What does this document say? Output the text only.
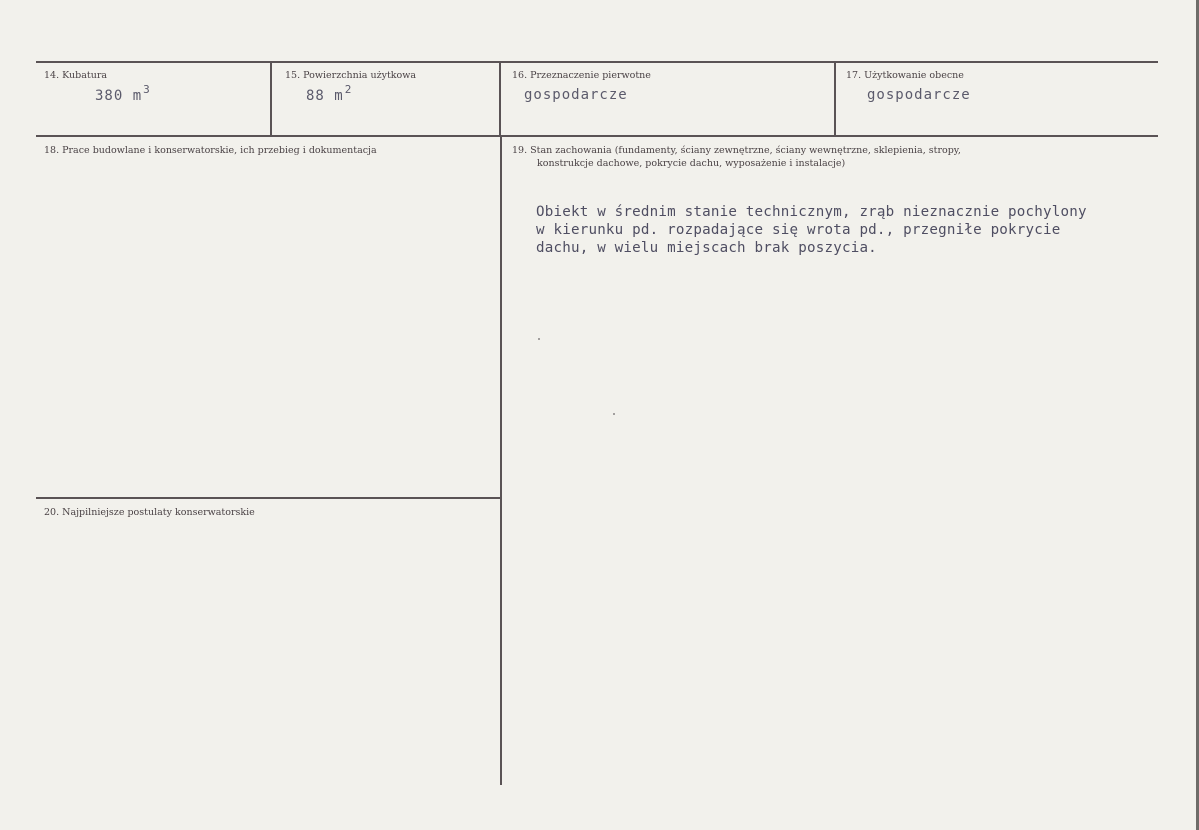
14. Kubatura
380 $m^3$
15. Powierzchnia użytkowa
88 $m^2$
16. Przeznaczenie pierwotne
gospodarcze
17. Użytkowanie obecne
gospodarcze
18. Prace budowlane i konserwatorskie, ich przebieg i dokumentacja	19. Stan zachowania (fundamenty, ściany zewnętrzne, ściany wewnętrzne, sklepienia, stropy,
konstrukcje dachowe, pokrycie dachu, wyposażenie i instalacje)
Obiekt w średnim stanie technicznym, zrąb nieznacznie pochylony
w kierunku pd. rozpadające się wrota pd., przegniłe pokrycie
dachu, w wielu miejscach brak poszycia.
20. Najpilniejsze postulaty konserwatorskie
